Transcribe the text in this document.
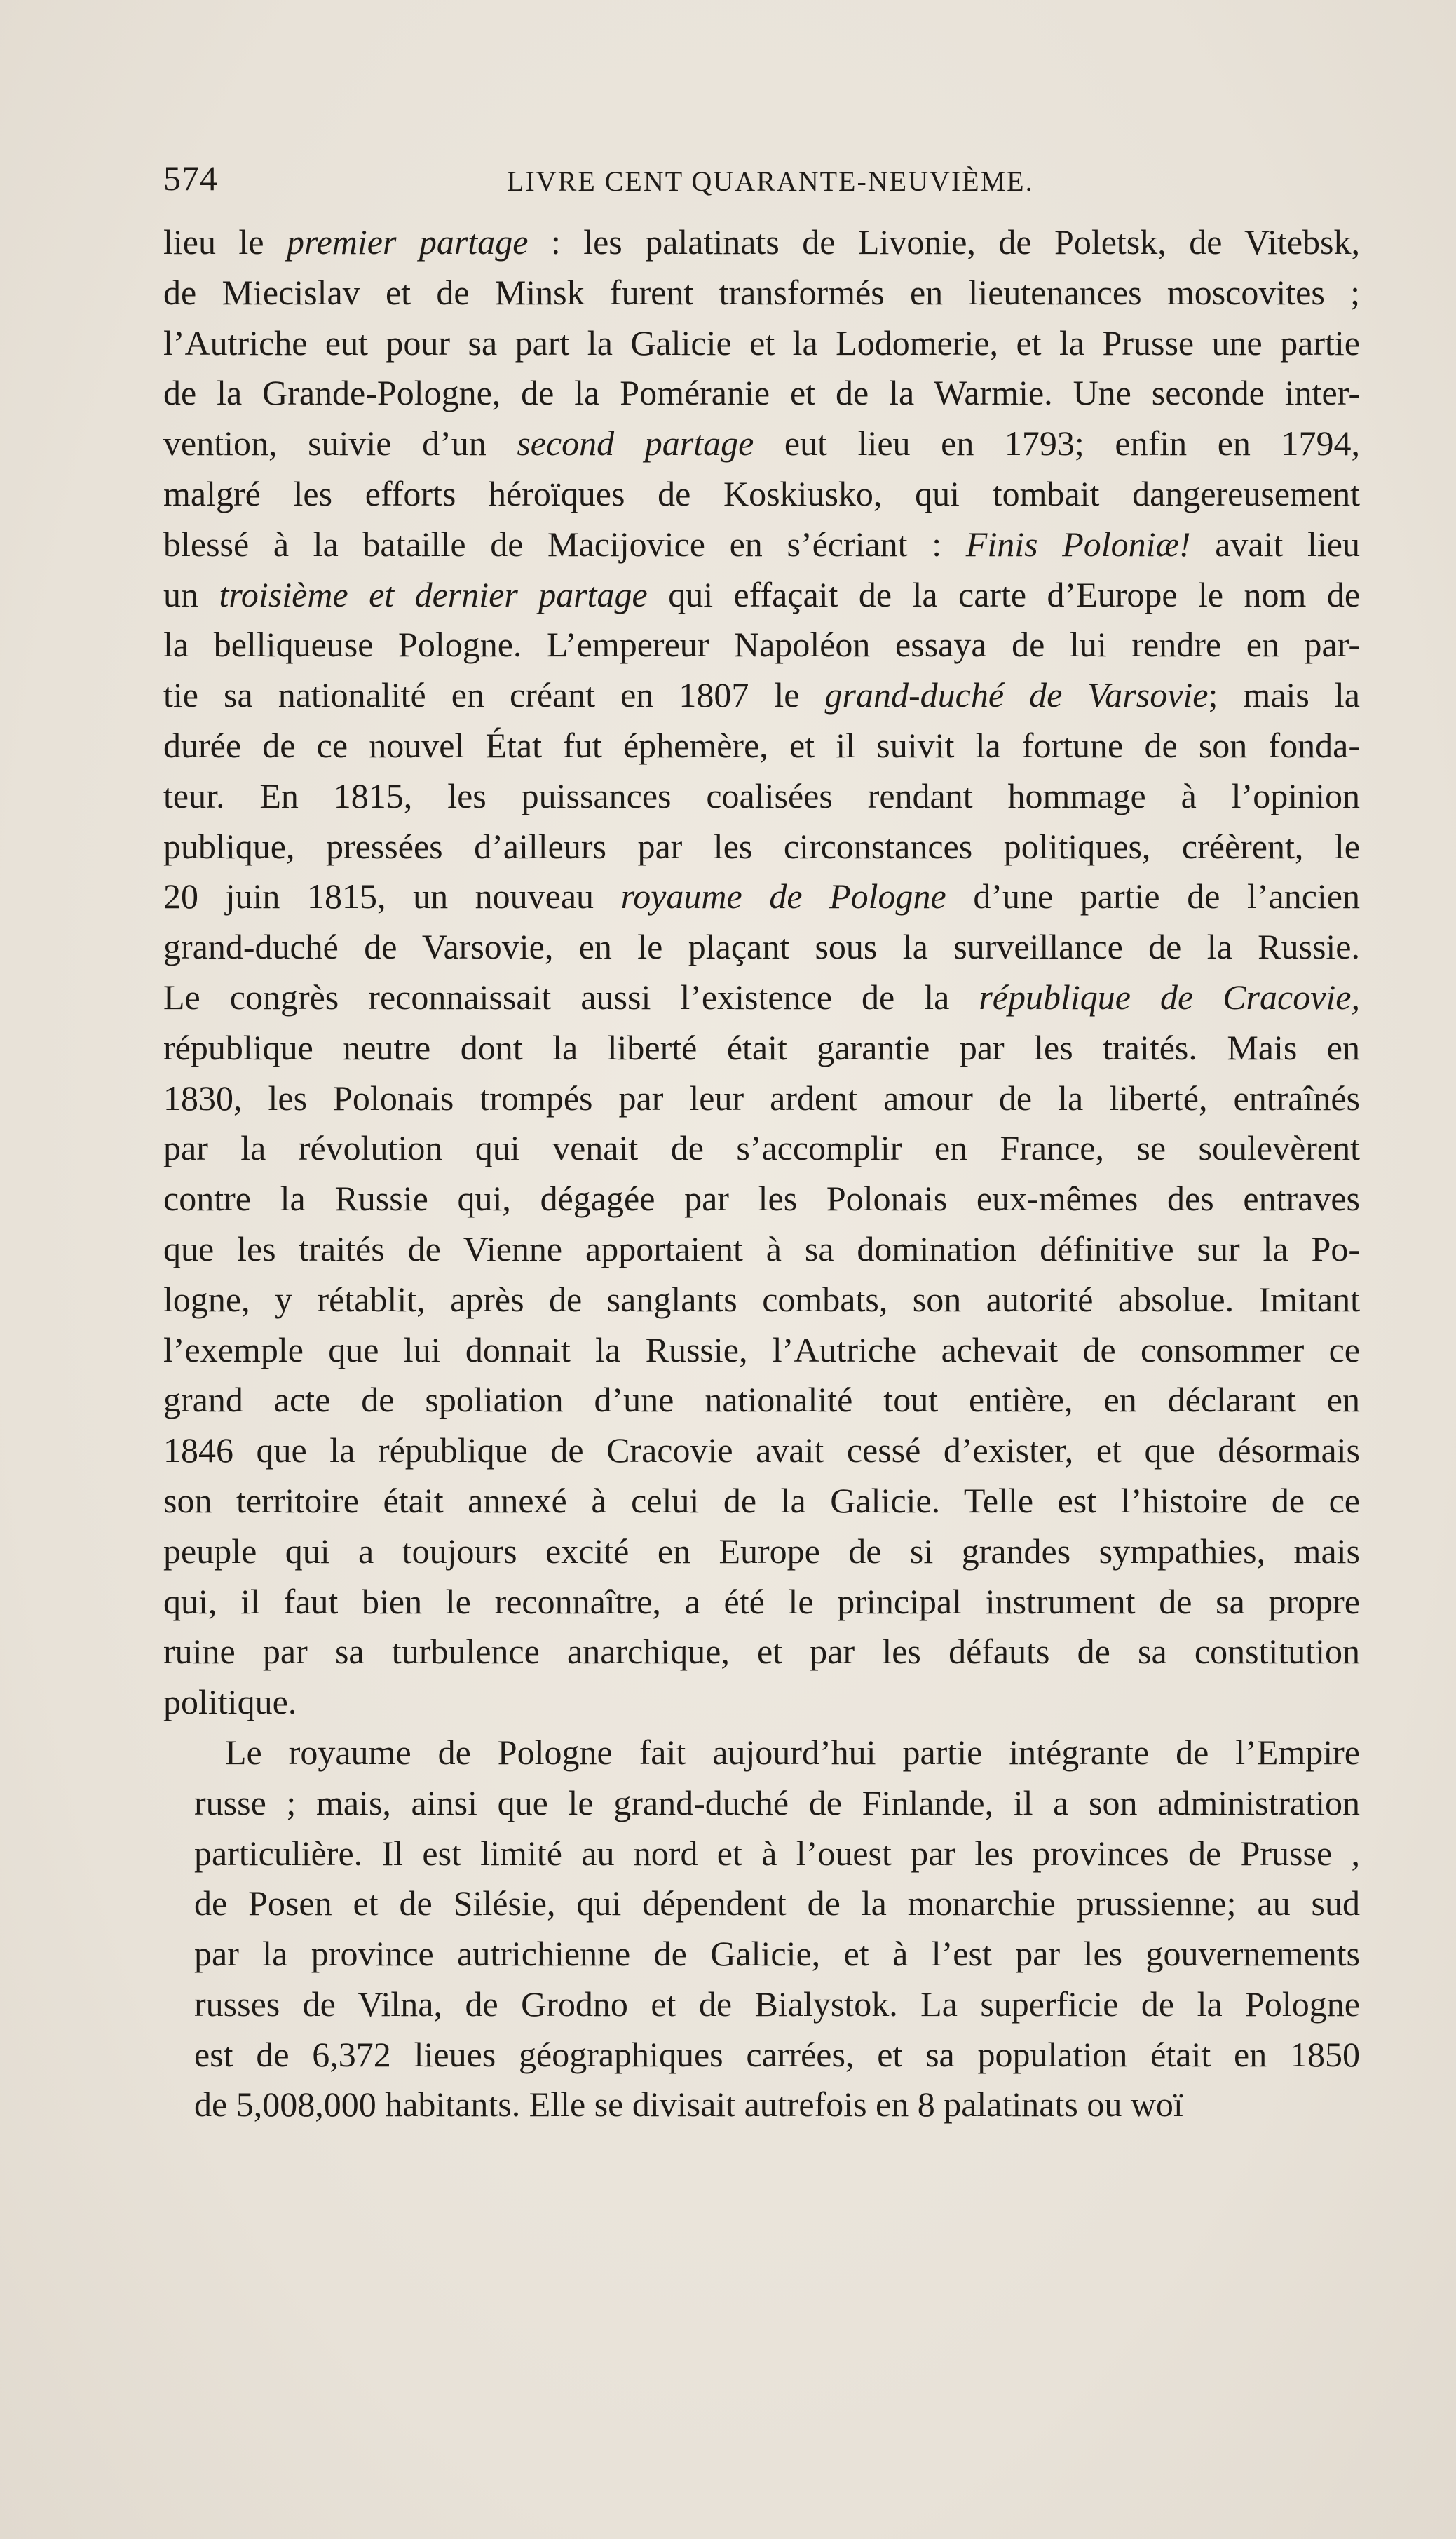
574	LIVRE CENT QUARANTE-NEUVIÈME.
lieu le premier partage : les palatinats de Livonie, de Poletsk, de Vitebsk,
de Miecislav et de Minsk furent transformés en lieutenances moscovites ;
l’Autriche eut pour sa part la Galicie et la Lodomerie, et la Prusse une partie
de la Grande-Pologne, de la Poméranie et de la Warmie. Une seconde inter-
vention, suivie d’un second partage eut lieu en 1793; enfin en 1794,
malgré les efforts héroïques de Koskiusko, qui tombait dangereusement
blessé à la bataille de Macijovice en s’écriant : Finis Poloniæ! avait lieu
un troisième et dernier partage qui effaçait de la carte d’Europe le nom de
la belliqueuse Pologne. L’empereur Napoléon essaya de lui rendre en par-
tie sa nationalité en créant en 1807 le grand-duché de Varsovie; mais la
durée de ce nouvel État fut éphemère, et il suivit la fortune de son fonda-
teur. En 1815, les puissances coalisées rendant hommage à l’opinion
publique, pressées d’ailleurs par les circonstances politiques, créèrent, le
20 juin 1815, un nouveau royaume de Pologne d’une partie de l’ancien
grand-duché de Varsovie, en le plaçant sous la surveillance de la Russie.
Le congrès reconnaissait aussi l’existence de la république de Cracovie,
république neutre dont la liberté était garantie par les traités. Mais en
1830, les Polonais trompés par leur ardent amour de la liberté, entraînés
par la révolution qui venait de s’accomplir en France, se soulevèrent
contre la Russie qui, dégagée par les Polonais eux-mêmes des entraves
que les traités de Vienne apportaient à sa domination définitive sur la Po-
logne, y rétablit, après de sanglants combats, son autorité absolue. Imitant
l’exemple que lui donnait la Russie, l’Autriche achevait de consommer ce
grand acte de spoliation d’une nationalité tout entière, en déclarant en
1846 que la république de Cracovie avait cessé d’exister, et que désormais
son territoire était annexé à celui de la Galicie. Telle est l’histoire de ce
peuple qui a toujours excité en Europe de si grandes sympathies, mais
qui, il faut bien le reconnaître, a été le principal instrument de sa propre
ruine par sa turbulence anarchique, et par les défauts de sa constitution
politique.
Le royaume de Pologne fait aujourd’hui partie intégrante de l’Empire
russe ; mais, ainsi que le grand-duché de Finlande, il a son administration
particulière. Il est limité au nord et à l’ouest par les provinces de Prusse ,
de Posen et de Silésie, qui dépendent de la monarchie prussienne; au sud
par la province autrichienne de Galicie, et à l’est par les gouvernements
russes de Vilna, de Grodno et de Bialystok. La superficie de la Pologne
est de 6,372 lieues géographiques carrées, et sa population était en 1850
de 5,008,000 habitants. Elle se divisait autrefois en 8 palatinats ou woï
